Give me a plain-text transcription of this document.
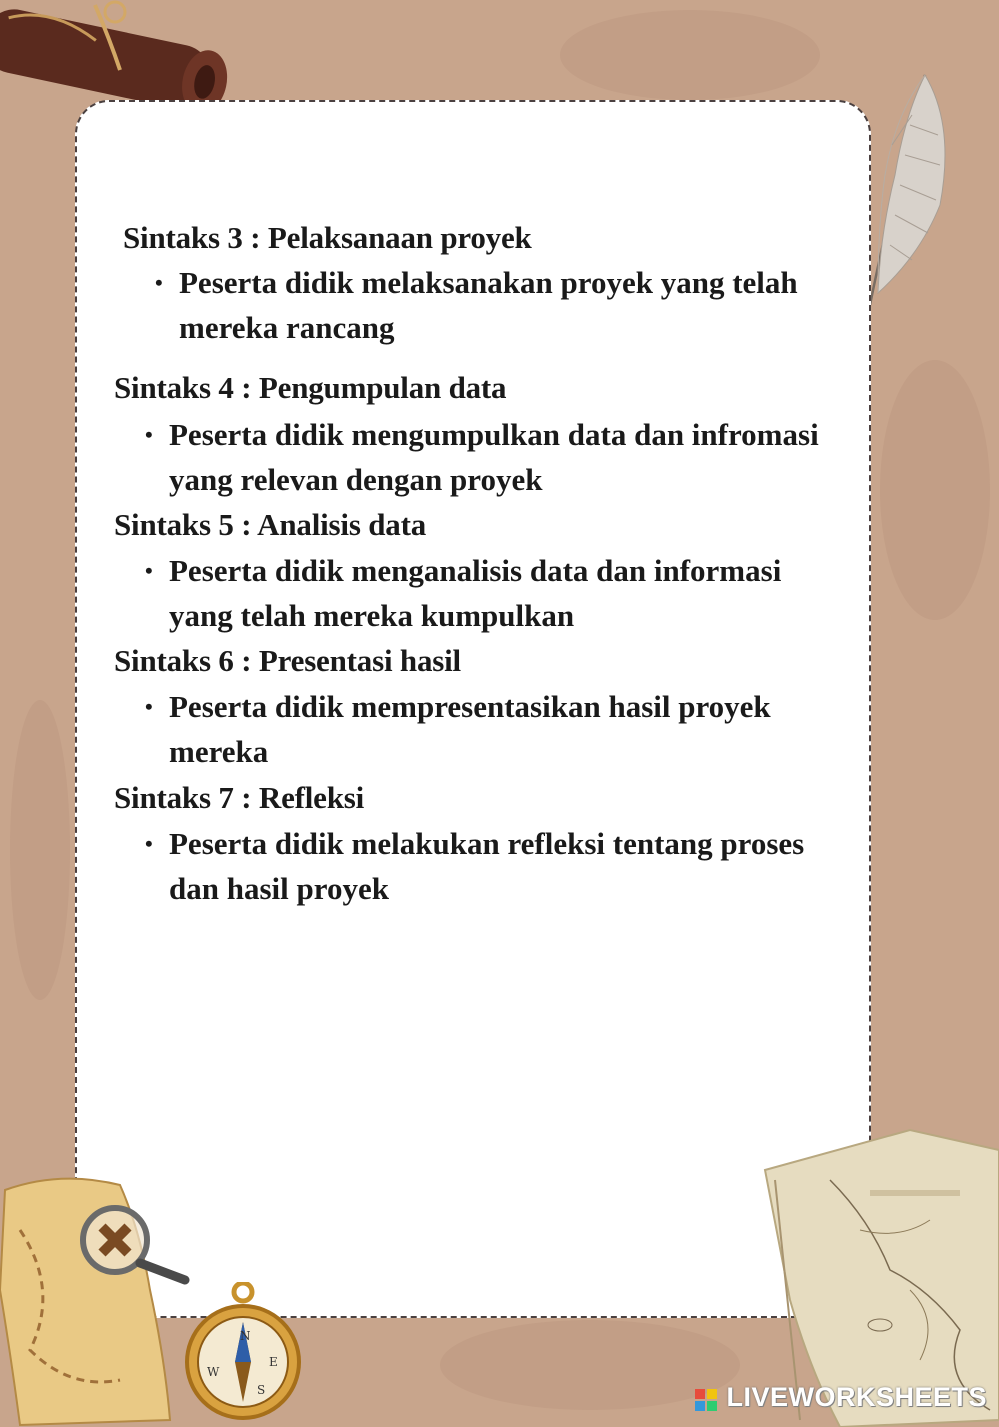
Sintaks 3 : Pelaksanaan proyek
• Peserta didik melaksanakan proyek yang telah mereka rancang
Sintaks 4 : Pengumpulan data
• Peserta didik mengumpulkan data dan infromasi yang relevan dengan proyek
Sintaks 5 : Analisis data
• Peserta didik menganalisis data dan informasi yang telah mereka kumpulkan
Sintaks 6 : Presentasi hasil
• Peserta didik mempresentasikan hasil proyek mereka
Sintaks 7 : Refleksi
• Peserta didik melakukan refleksi tentang proses dan hasil proyek
N
E
S
W
LIVEWORKSHEETS
